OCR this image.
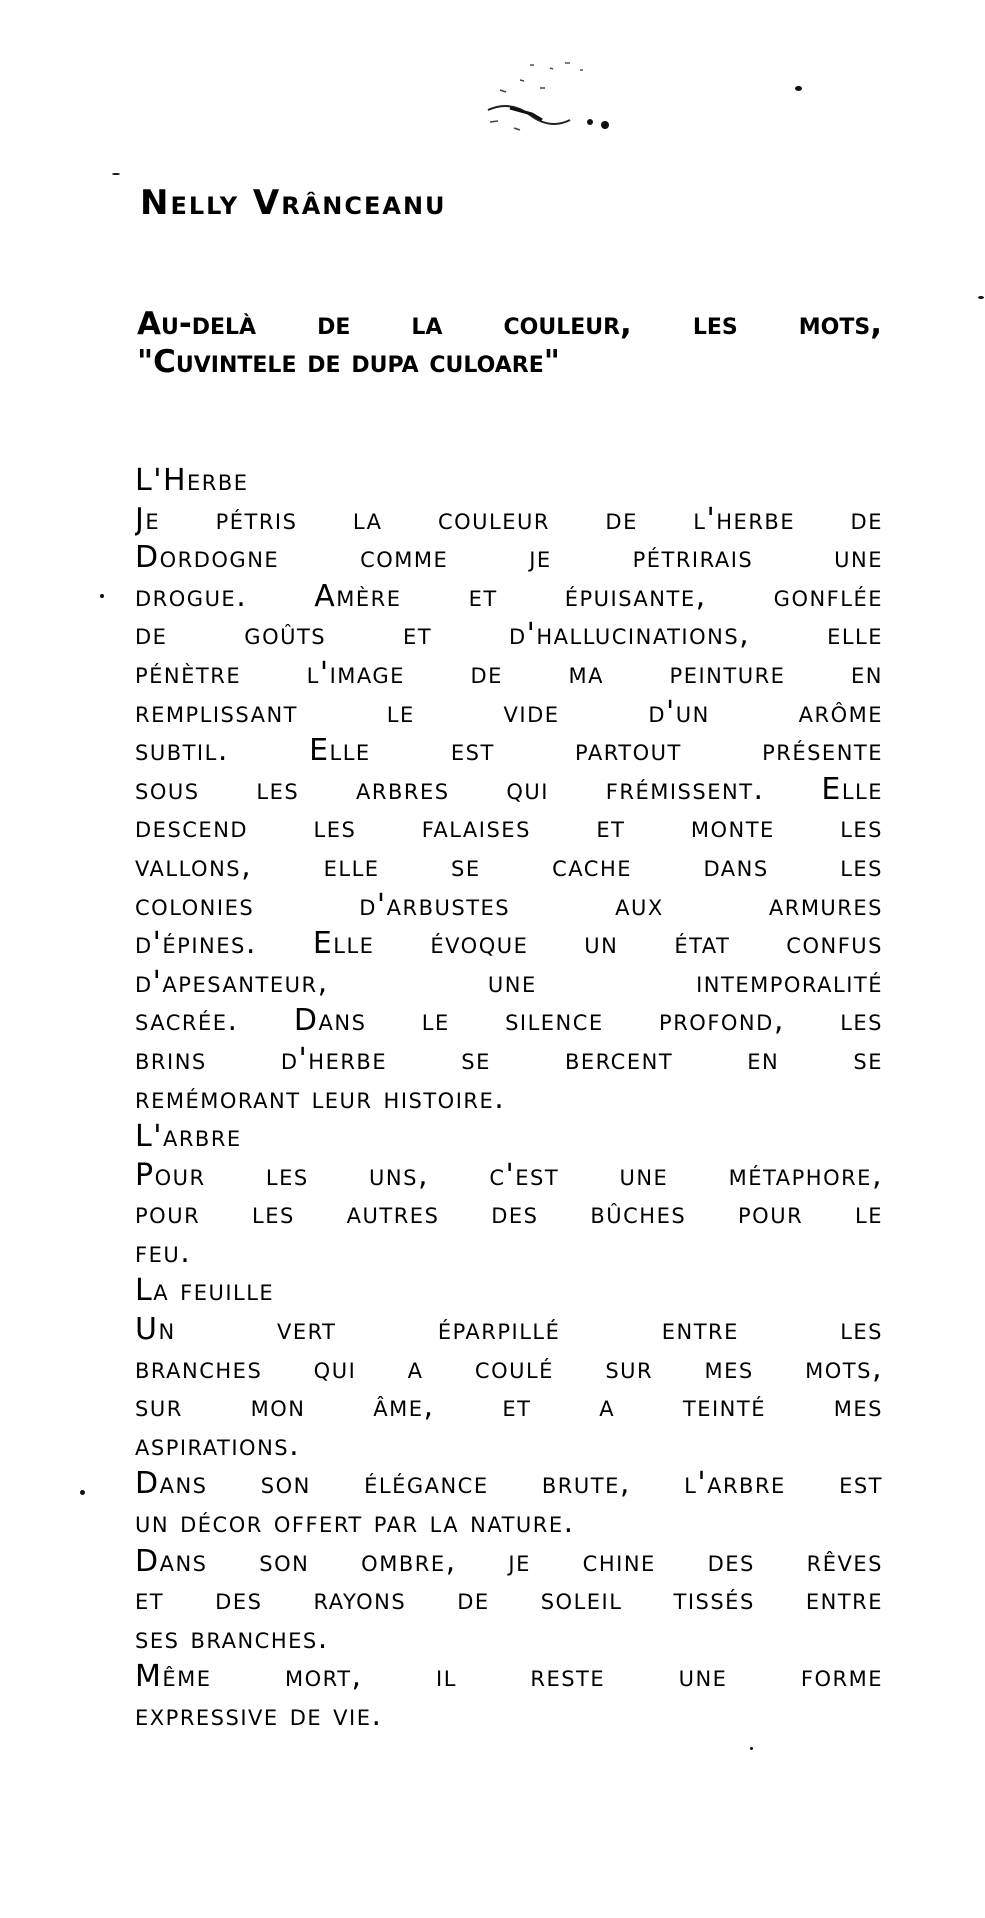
Nelly Vrânceanu
Au-delà de la couleur, les mots,
"Cuvintele de dupa culoare"
L'Herbe
Je pétris la couleur de l'herbe de
Dordogne comme je pétrirais une
drogue. Amère et épuisante, gonflée
de goûts et d'hallucinations, elle
pénètre l'image de ma peinture en
remplissant le vide d'un arôme
subtil. Elle est partout présente
sous les arbres qui frémissent. Elle
descend les falaises et monte les
vallons, elle se cache dans les
colonies d'arbustes aux armures
d'épines. Elle évoque un état confus
d'apesanteur, une intemporalité
sacrée. Dans le silence profond, les
brins d'herbe se bercent en se
remémorant leur histoire.
L'arbre
Pour les uns, c'est une métaphore,
pour les autres des bûches pour le
feu.
La feuille
Un vert éparpillé entre les
branches qui a coulé sur mes mots,
sur mon âme, et a teinté mes
aspirations.
Dans son élégance brute, l'arbre est
un décor offert par la nature.
Dans son ombre, je chine des rêves
et des rayons de soleil tissés entre
ses branches.
Même mort, il reste une forme
expressive de vie.
